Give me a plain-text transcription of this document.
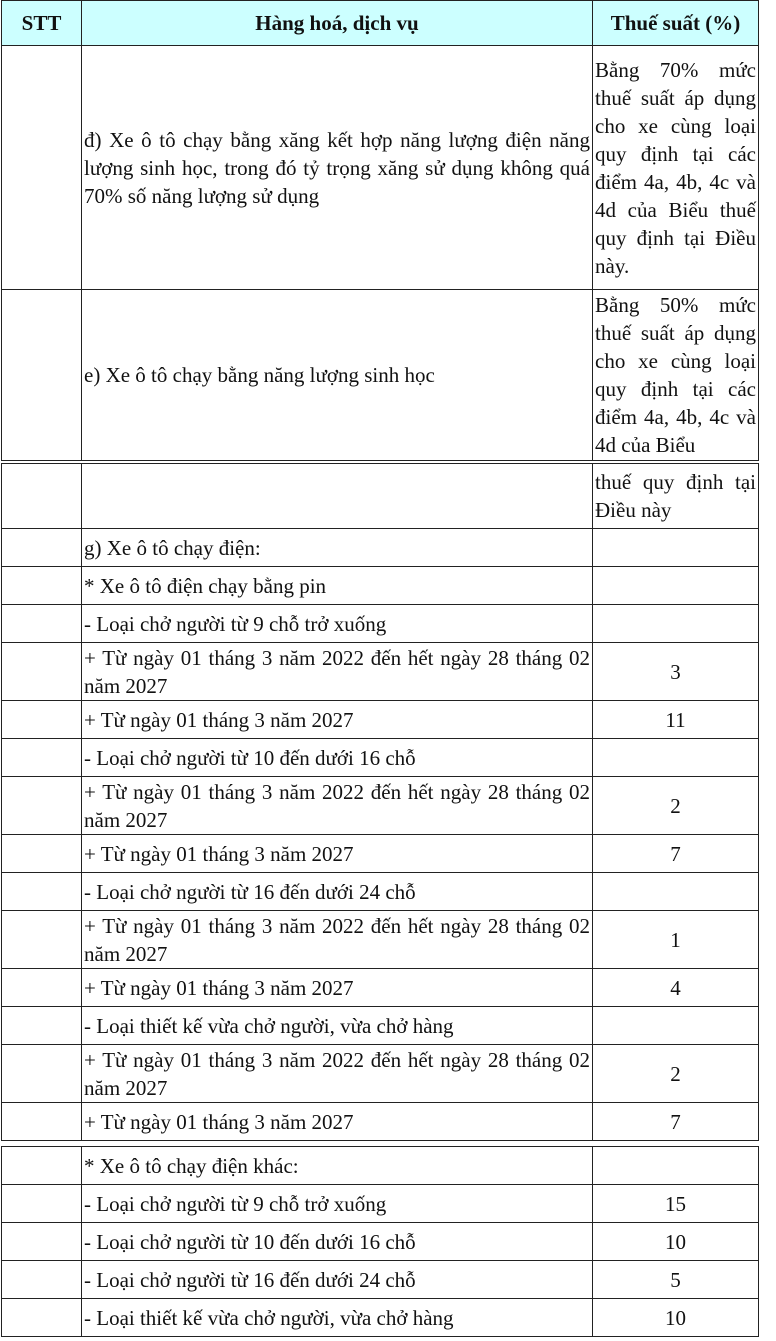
STT	Hàng hoá, dịch vụ	Thuế suất (%)
	đ) Xe ô tô chạy bằng xăng kết hợp năng lượng điện năng lượng sinh học, trong đó tỷ trọng xăng sử dụng không quá 70% số năng lượng sử dụng	Bằng 70% mức thuế suất áp dụng cho xe cùng loại quy định tại các điểm 4a, 4b, 4c và 4d của Biểu thuế quy định tại Điều này.
	e) Xe ô tô chạy bằng năng lượng sinh học	Bằng 50% mức thuế suất áp dụng cho xe cùng loại quy định tại các điểm 4a, 4b, 4c và 4d của Biểu
		thuế quy định tại Điều này
	g) Xe ô tô chạy điện:	
	* Xe ô tô điện chạy bằng pin	
	- Loại chở người từ 9 chỗ trở xuống	
	+ Từ ngày 01 tháng 3 năm 2022 đến hết ngày 28 tháng 02 năm 2027	3
	+ Từ ngày 01 tháng 3 năm 2027	11
	- Loại chở người từ 10 đến dưới 16 chỗ	
	+ Từ ngày 01 tháng 3 năm 2022 đến hết ngày 28 tháng 02 năm 2027	2
	+ Từ ngày 01 tháng 3 năm 2027	7
	- Loại chở người từ 16 đến dưới 24 chỗ	
	+ Từ ngày 01 tháng 3 năm 2022 đến hết ngày 28 tháng 02 năm 2027	1
	+ Từ ngày 01 tháng 3 năm 2027	4
	- Loại thiết kế vừa chở người, vừa chở hàng	
	+ Từ ngày 01 tháng 3 năm 2022 đến hết ngày 28 tháng 02 năm 2027	2
	+ Từ ngày 01 tháng 3 năm 2027	7
	* Xe ô tô chạy điện khác:	
	- Loại chở người từ 9 chỗ trở xuống	15
	- Loại chở người từ 10 đến dưới 16 chỗ	10
	- Loại chở người từ 16 đến dưới 24 chỗ	5
	- Loại thiết kế vừa chở người, vừa chở hàng	10
